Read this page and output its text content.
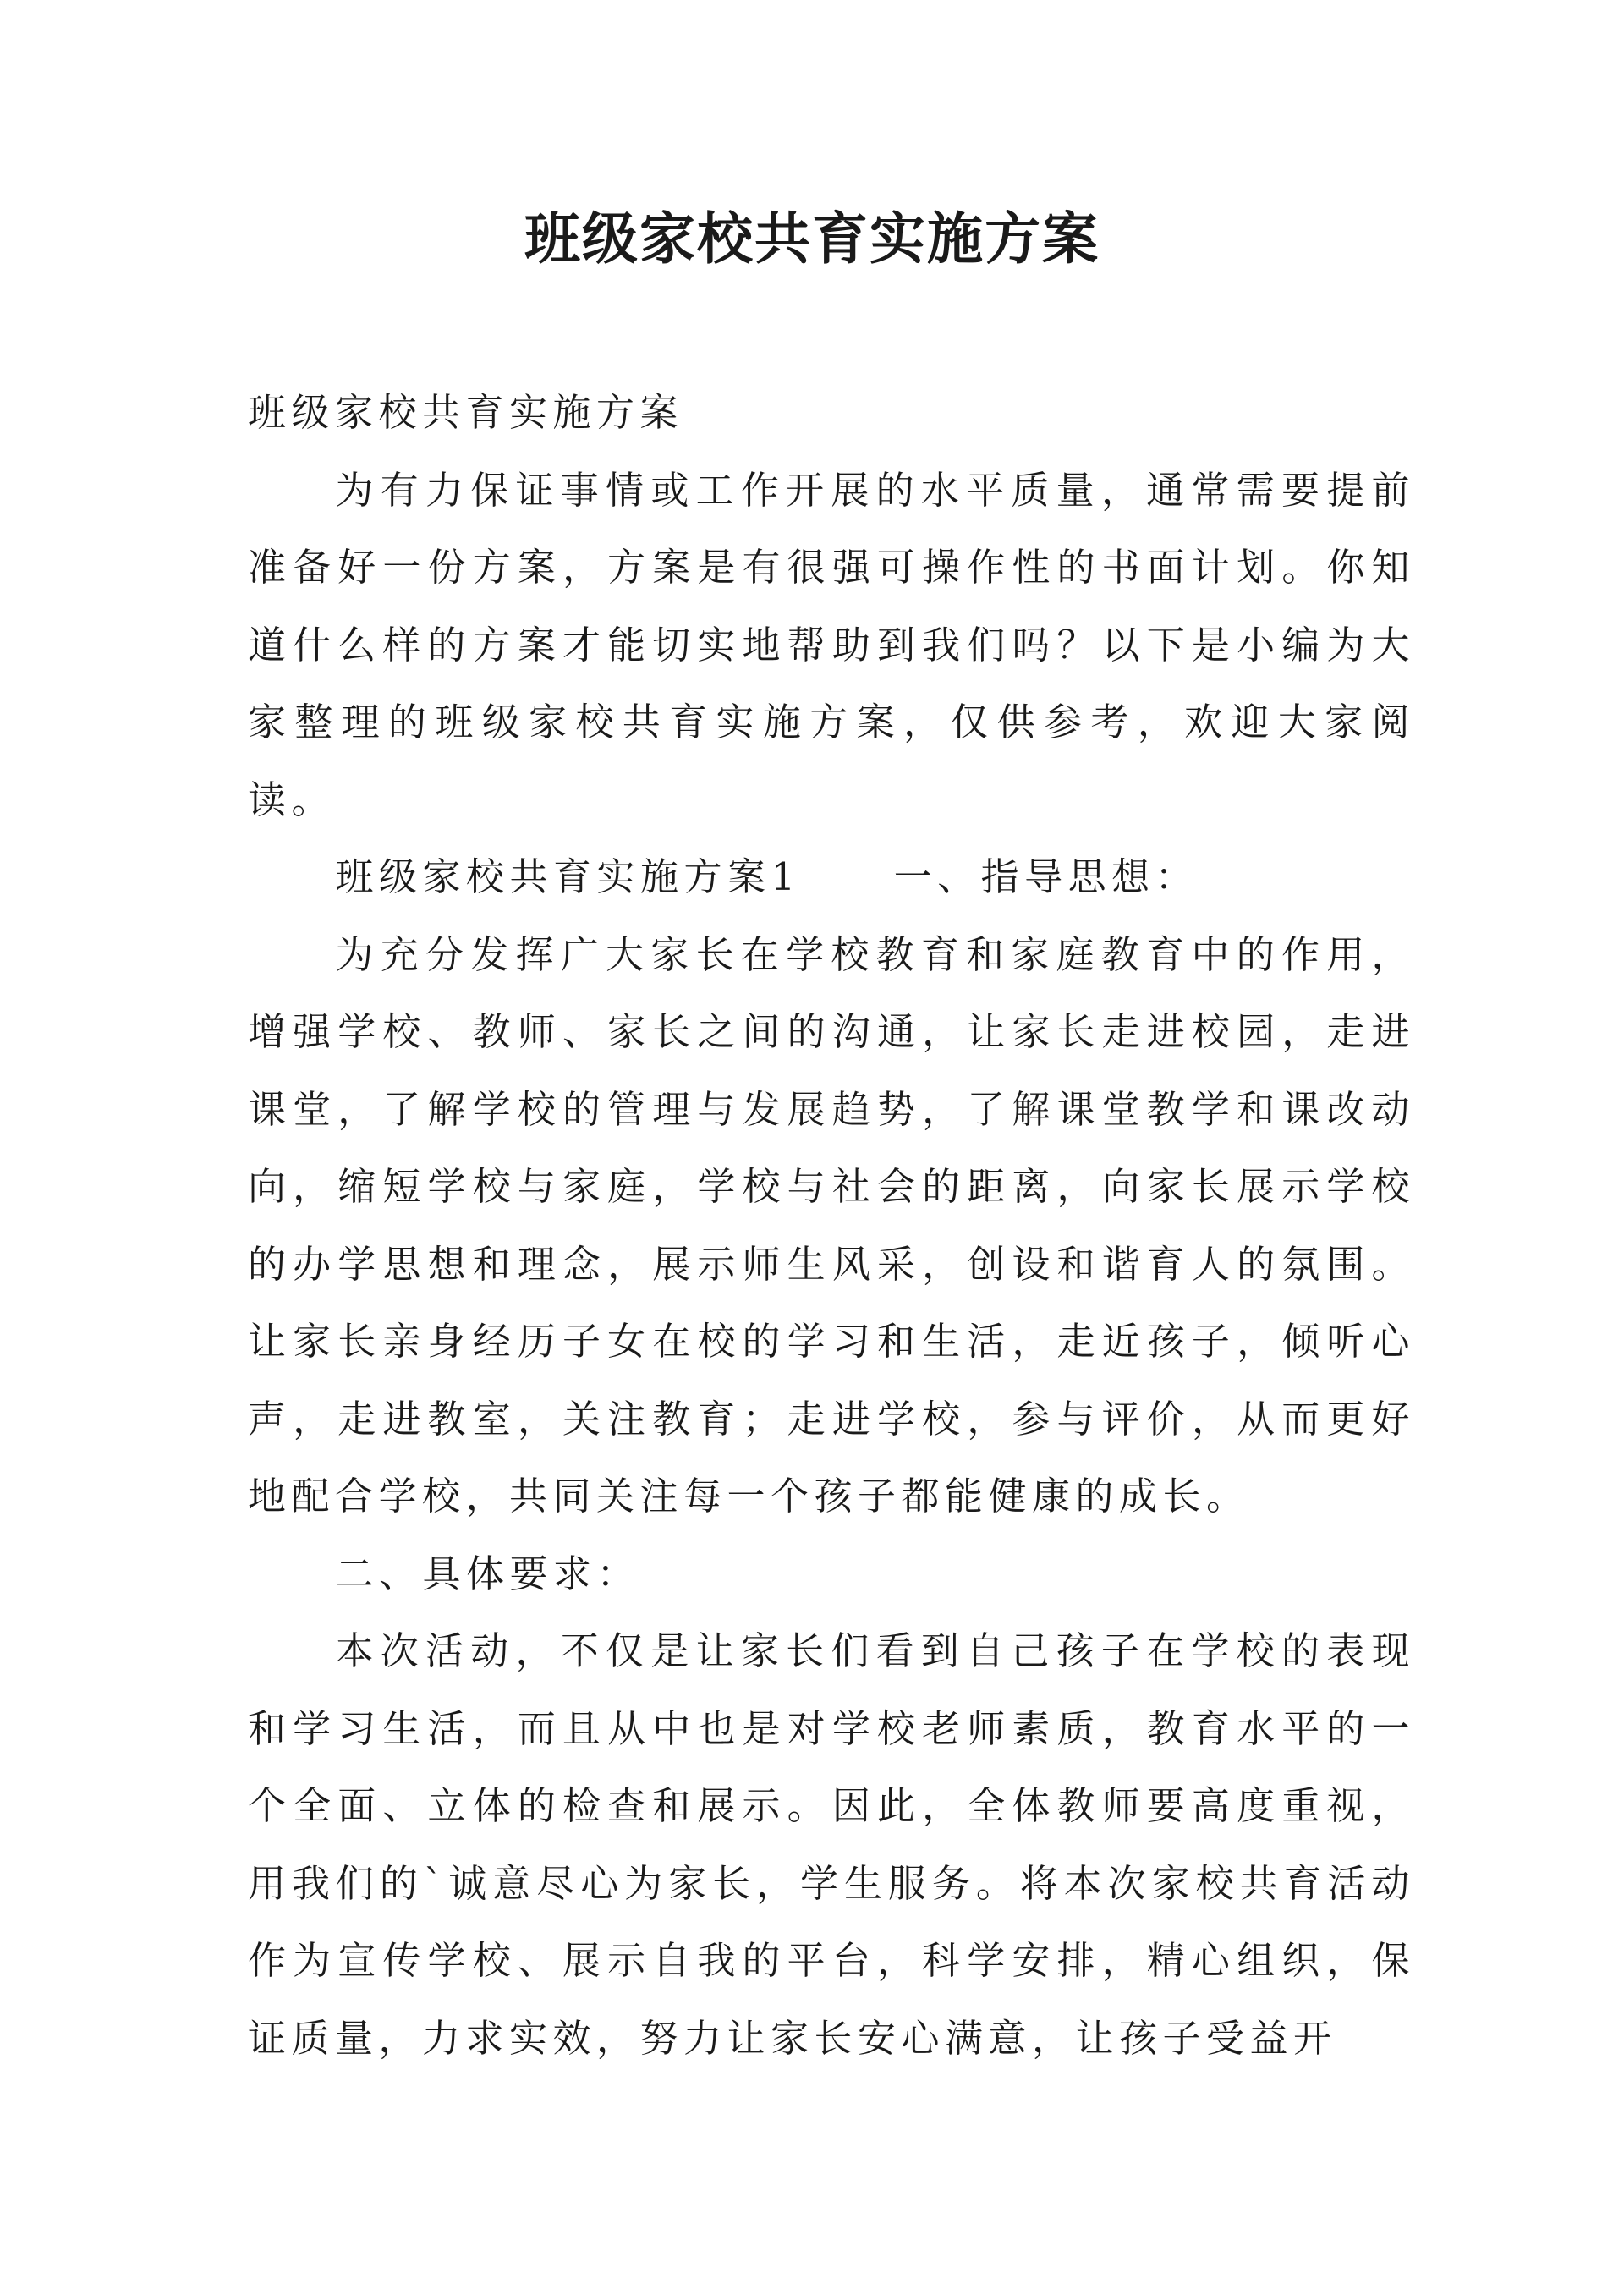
班级家校共育实施方案

班级家校共育实施方案

为有力保证事情或工作开展的水平质量，通常需要提前准备好一份方案，方案是有很强可操作性的书面计划。你知道什么样的方案才能切实地帮助到我们吗？以下是小编为大家整理的班级家校共育实施方案，仅供参考，欢迎大家阅读。

班级家校共育实施方案1 一、指导思想：

为充分发挥广大家长在学校教育和家庭教育中的作用，增强学校、教师、家长之间的沟通，让家长走进校园，走进课堂，了解学校的管理与发展趋势，了解课堂教学和课改动向，缩短学校与家庭，学校与社会的距离，向家长展示学校的办学思想和理念，展示师生风采，创设和谐育人的氛围。让家长亲身经历子女在校的学习和生活，走近孩子，倾听心声，走进教室，关注教育；走进学校，参与评价，从而更好地配合学校，共同关注每一个孩子都能健康的成长。

二、具体要求：

本次活动，不仅是让家长们看到自己孩子在学校的表现和学习生活，而且从中也是对学校老师素质，教育水平的一个全面、立体的检查和展示。因此，全体教师要高度重视，用我们的`诚意尽心为家长，学生服务。将本次家校共育活动作为宣传学校、展示自我的平台，科学安排，精心组织，保证质量，力求实效，努力让家长安心满意，让孩子受益开
